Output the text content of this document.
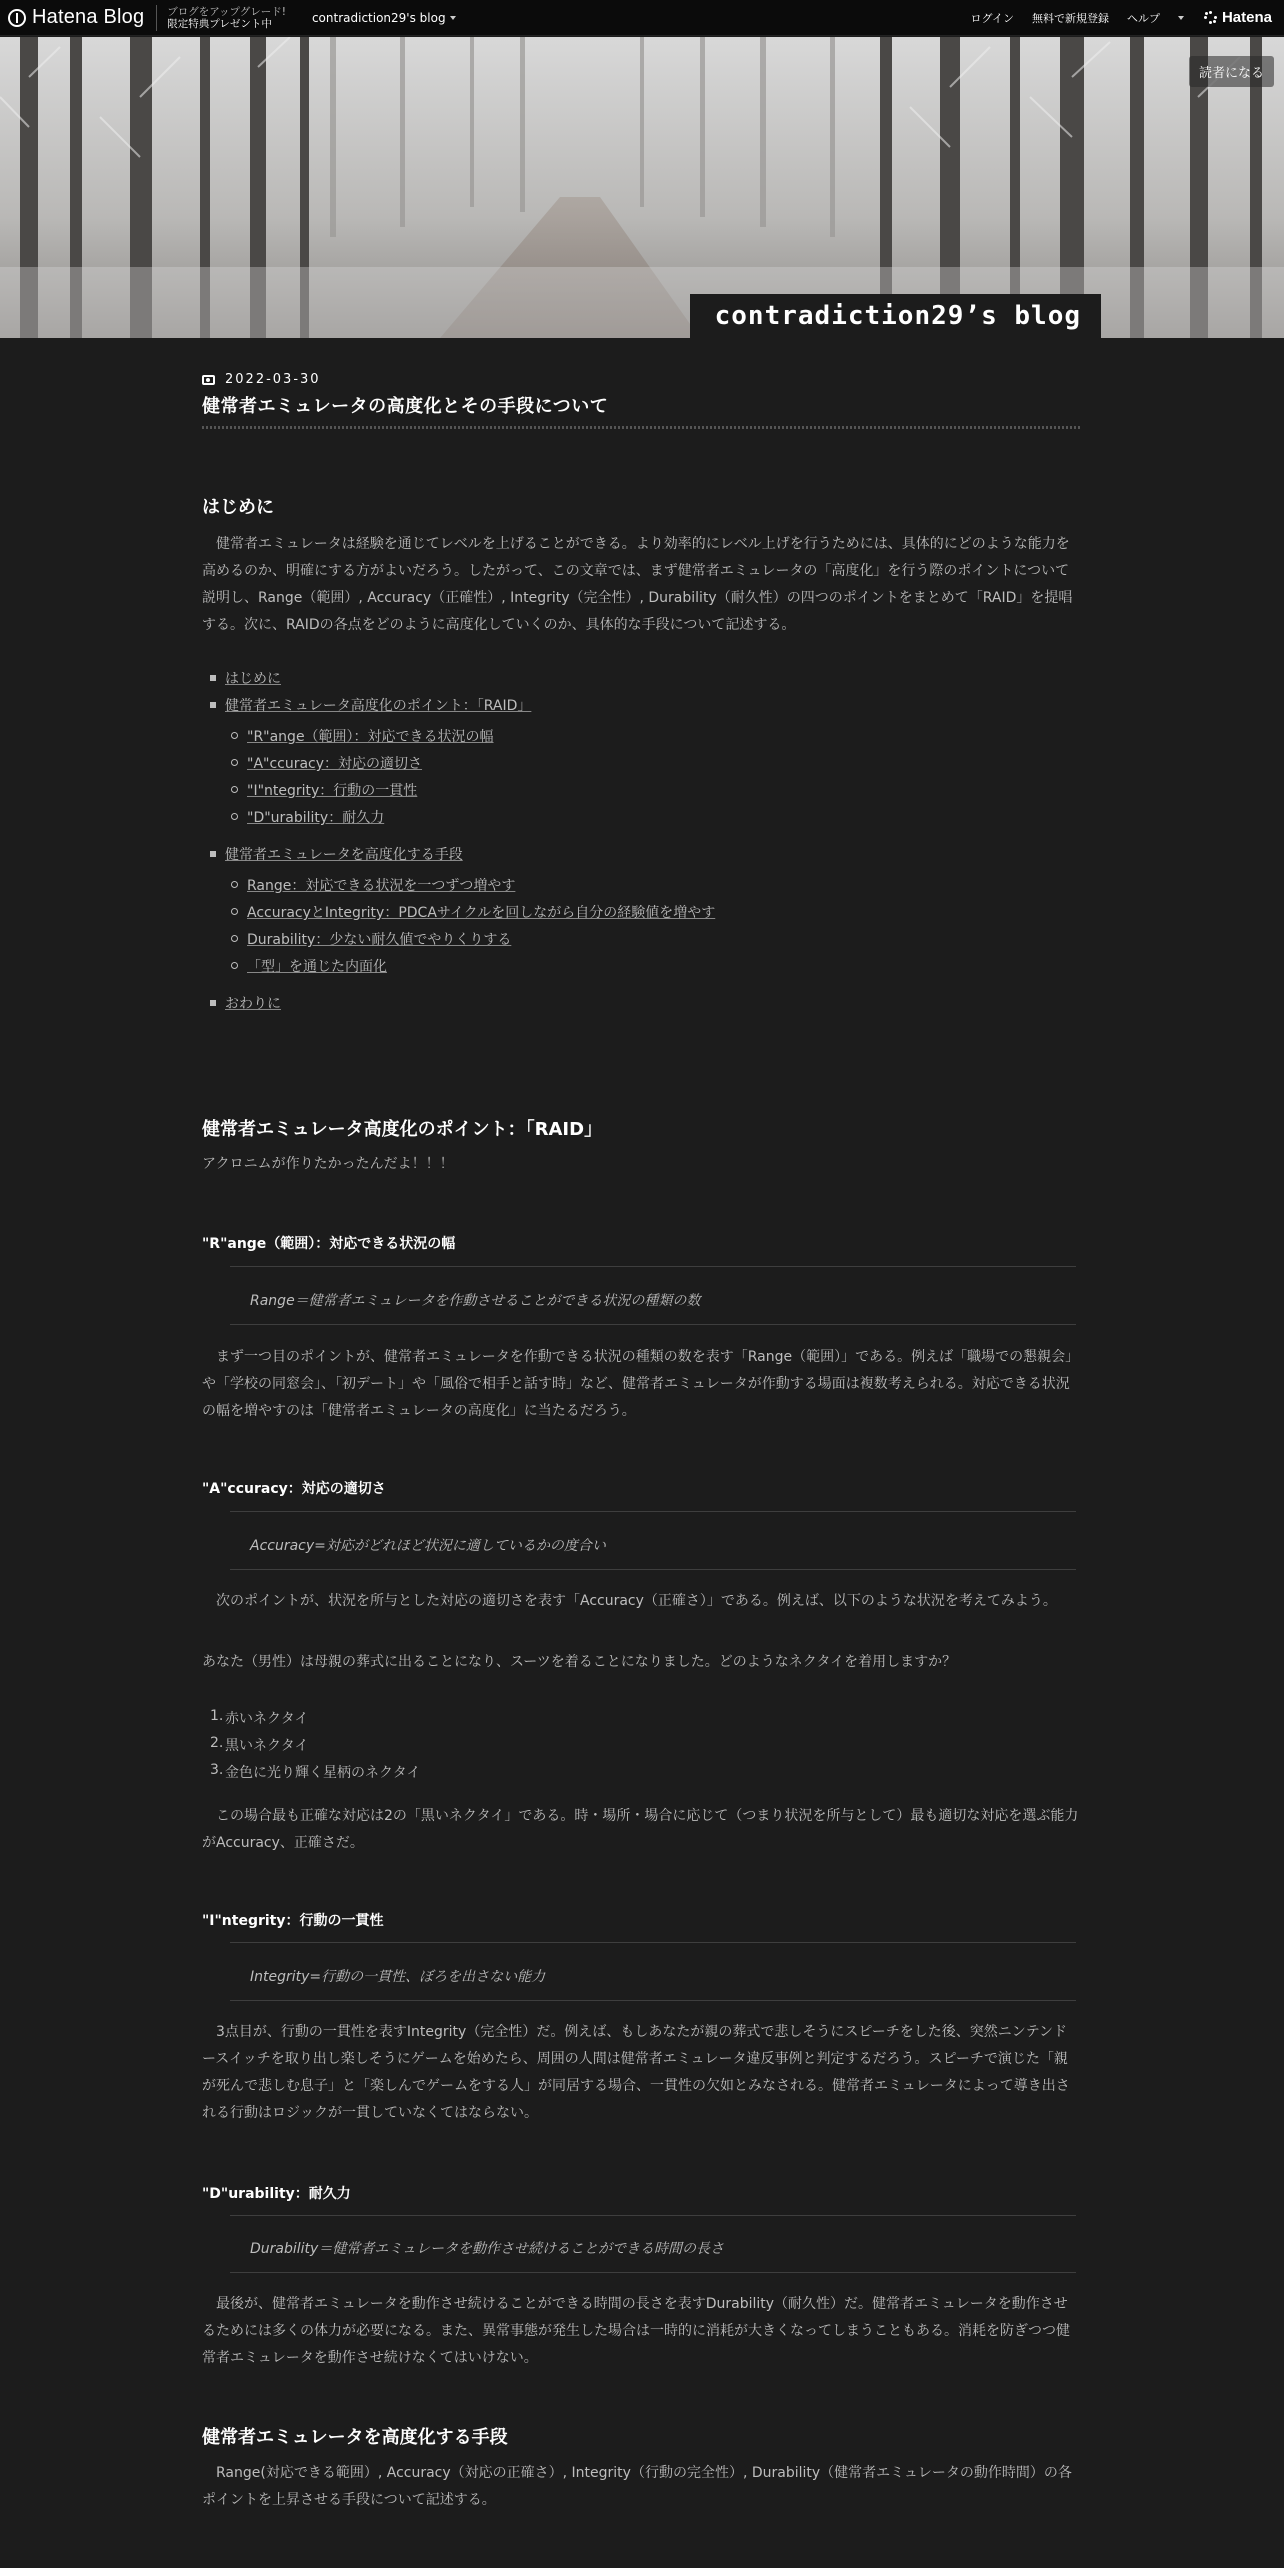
Hatena Blog ブログをアップグレード!
限定特典プレゼント中	contradiction29's blog	ログイン 無料で新規登録 ヘルプ	Hatena
読者になる
contradiction29’s blog
2022-03-30
健常者エミュレータの高度化とその手段について
はじめに
健常者エミュレータは経験を通じてレベルを上げることができる。より効率的にレベル上げを行うためには、具体的にどのような能力を高めるのか、明確にする方がよいだろう。したがって、この文章では、まず健常者エミュレータの「高度化」を行う際のポイントについて説明し、Range（範囲）, Accuracy（正確性）, Integrity（完全性）, Durability（耐久性）の四つのポイントをまとめて「RAID」を提唱する。次に、RAIDの各点をどのように高度化していくのか、具体的な手段について記述する。
はじめに
健常者エミュレータ高度化のポイント：「RAID」
"R"ange（範囲）：対応できる状況の幅
"A"ccuracy：対応の適切さ
"I"ntegrity：行動の一貫性
"D"urability：耐久力
健常者エミュレータを高度化する手段
Range：対応できる状況を一つずつ増やす
AccuracyとIntegrity：PDCAサイクルを回しながら自分の経験値を増やす
Durability：少ない耐久値でやりくりする
「型」を通じた内面化
おわりに
健常者エミュレータ高度化のポイント：「RAID」
アクロニムが作りたかったんだよ！！！
"R"ange（範囲）：対応できる状況の幅
Range＝健常者エミュレータを作動させることができる状況の種類の数
まず一つ目のポイントが、健常者エミュレータを作動できる状況の種類の数を表す「Range（範囲）」である。例えば「職場での懇親会」や「学校の同窓会」、「初デート」や「風俗で相手と話す時」など、健常者エミュレータが作動する場面は複数考えられる。対応できる状況の幅を増やすのは「健常者エミュレータの高度化」に当たるだろう。
"A"ccuracy：対応の適切さ
Accuracy=対応がどれほど状況に適しているかの度合い
次のポイントが、状況を所与とした対応の適切さを表す「Accuracy（正確さ）」である。例えば、以下のような状況を考えてみよう。
あなた（男性）は母親の葬式に出ることになり、スーツを着ることになりました。どのようなネクタイを着用しますか？
1. 赤いネクタイ
2. 黒いネクタイ
3. 金色に光り輝く星柄のネクタイ
この場合最も正確な対応は2の「黒いネクタイ」である。時・場所・場合に応じて（つまり状況を所与として）最も適切な対応を選ぶ能力がAccuracy、正確さだ。
"I"ntegrity：行動の一貫性
Integrity=行動の一貫性、ぼろを出さない能力
3点目が、行動の一貫性を表すIntegrity（完全性）だ。例えば、もしあなたが親の葬式で悲しそうにスピーチをした後、突然ニンテンドースイッチを取り出し楽しそうにゲームを始めたら、周囲の人間は健常者エミュレータ違反事例と判定するだろう。スピーチで演じた「親が死んで悲しむ息子」と「楽しんでゲームをする人」が同居する場合、一貫性の欠如とみなされる。健常者エミュレータによって導き出される行動はロジックが一貫していなくてはならない。
"D"urability：耐久力
Durability＝健常者エミュレータを動作させ続けることができる時間の長さ
最後が、健常者エミュレータを動作させ続けることができる時間の長さを表すDurability（耐久性）だ。健常者エミュレータを動作させるためには多くの体力が必要になる。また、異常事態が発生した場合は一時的に消耗が大きくなってしまうこともある。消耗を防ぎつつ健常者エミュレータを動作させ続けなくてはいけない。
健常者エミュレータを高度化する手段
Range(対応できる範囲）, Accuracy（対応の正確さ）, Integrity（行動の完全性）, Durability（健常者エミュレータの動作時間）の各ポイントを上昇させる手段について記述する。
